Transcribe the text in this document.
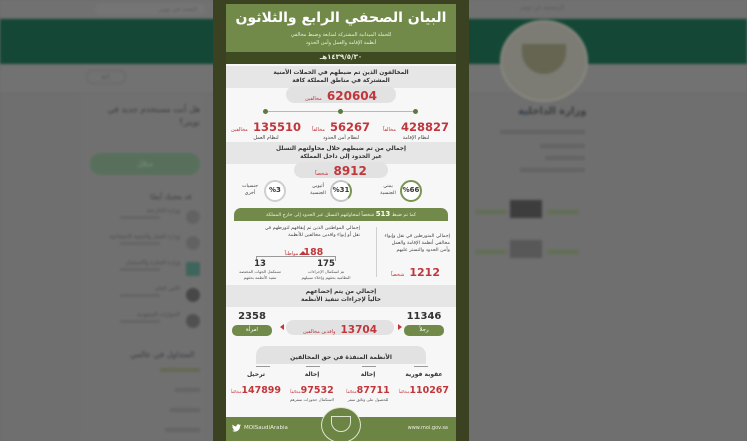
البحث في تويتر	الرئيسية عن تويتر
تابع
وزارة الداخلية
هل أنت مستخدم جديد في تويتر؟
سجّل
قد يعجبك أيضًا
وزارة الخارجية
وزارة العمل والتنمية الاجتماعية
وزارة التجارة والاستثمار
الأمن العام
الجوازات السعودية
المتداول في عالمي
البيان الصحفي الرابع والثلاثون
للحملة الميدانية المشتركة لمتابعة وضبط مخالفي
أنظمة الإقامة والعمل وأمن الحدود
١٤٣٩/٥/٣٠هـ
المخالفون الذين تم ضبطهم في الحملات الأمنية
المشتركة في مناطق المملكة كافة
620604 مخالفين
428827 مخالفاً
لنظام الإقامة
56267 مخالفاً
لنظام أمن الحدود
135510 مخالفين
لنظام العمل
إجمالي من تم ضبطهم خلال محاولتهم التسلل
عبر الحدود إلى داخل المملكة
8912 شخصاً
%66
يمني
الجنسية
%31
أثيوبي
الجنسية
%3
جنسيات
أخرى
كما تم ضبط 513 شخصاً لمحاولتهم التسلل عبر الحدود إلى خارج المملكة
إجمالي المتورطين في نقل وإيواء
مخالفي أنظمة الإقامة والعمل
وأمن الحدود والتستر عليهم
1212 شخصاً
إجمالي المواطنين الذين تم إيقافهم لتورطهم في
نقل أو إيواء وافدين مخالفين للأنظمة
188 مواطناً
175
تم استكمال الإجراءات
النظامية بحقهم وإخلاء سبيلهم
13
تستكمل الجهات المختصة
تنفيذ الأنظمة بحقهم
إجمالي من يتم إخضاعهم
حالياً لإجراءات تنفيذ الأنظمة
11346
رجلاً
2358
امرأة	13704 وافدين مخالفين
الأنظمة المنفذة في حق المخالفين
عقوبة فورية
110267مخالفاً
إحالة
87711مخالفاً
للحصول على وثائق سفر
إحالة
97532مخالفاً
لاستكمال حجوزات سفرهم
ترحيل
147899مخالفاً
MOISaudiArabia	www.moi.gov.sa
